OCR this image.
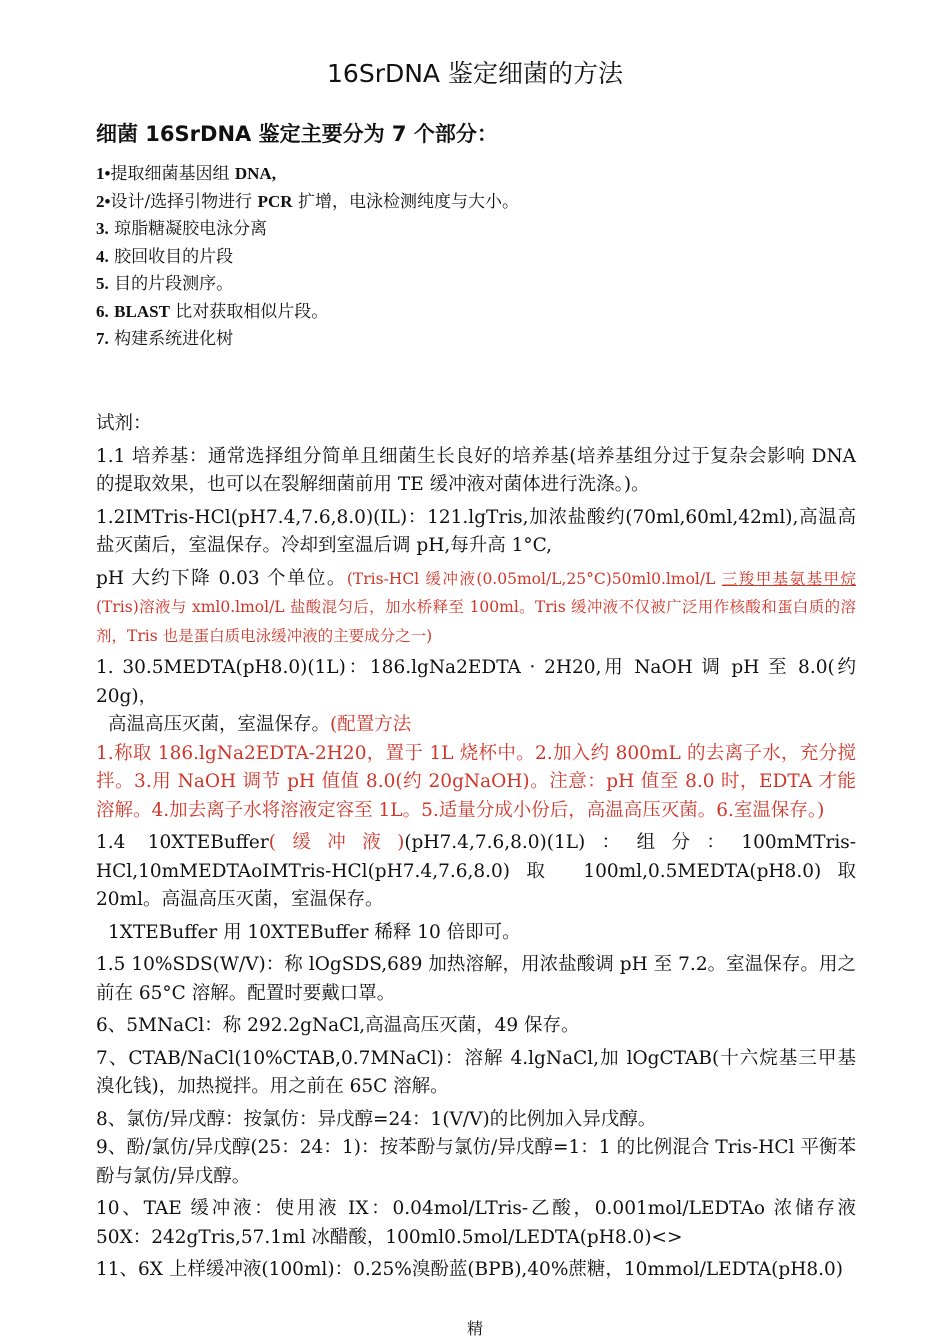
16SrDNA 鉴定细菌的方法
细菌 16SrDNA 鉴定主要分为 7 个部分：
1•提取细菌基因组 DNA,
2•设计/选择引物进行 PCR 扩增，电泳检测纯度与大小。
3. 琼脂糖凝胶电泳分离
4. 胶回收目的片段
5. 目的片段测序。
6. BLAST 比对获取相似片段。
7. 构建系统进化树
试剂：
1.1 培养基：通常选择组分简单且细菌生长良好的培养基(培养基组分过于复杂会影响 DNA 的提取效果，也可以在裂解细菌前用 TE 缓冲液对菌体进行洗涤。)。
1.2IMTris-HCl(pH7.4,7.6,8.0)(IL)：121.lgTris,加浓盐酸约(70ml,60ml,42ml),高温高盐灭菌后，室温保存。冷却到室温后调 pH,每升高 1°C,
pH 大约下降 0.03 个单位。(Tris-HCl 缓冲液(0.05mol/L,25°C)50ml0.lmol/L 三羧甲基氨基甲烷(Tris)溶液与 xml0.lmol/L 盐酸混匀后，加水桥释至 100ml。Tris 缓冲液不仅被广泛用作核酸和蛋白质的溶剂，Tris 也是蛋白质电泳缓冲液的主要成分之一)
1. 30.5MEDTA(pH8.0)(1L)：186.lgNa2EDTA · 2H20,用 NaOH 调 pH 至 8.0(约 20g)，
高温高压灭菌，室温保存。(配置方法
1.称取 186.lgNa2EDTA-2H20，置于 1L 烧杯中。2.加入约 800mL 的去离子水，充分搅拌。3.用 NaOH 调节 pH 值值 8.0(约 20gNaOH)。注意：pH 值至 8.0 时，EDTA 才能溶解。4.加去离子水将溶液定容至 1L。5.适量分成小份后，高温高压灭菌。6.室温保存。)
1.4 10XTEBuffer(缓冲液)(pH7.4,7.6,8.0)(1L)：组分：100mMTris-HCl,10mMEDTAoIMTris-HCl(pH7.4,7.6,8.0)取 100ml,0.5MEDTA(pH8.0)取 20ml。高温高压灭菌，室温保存。
1XTEBuffer 用 10XTEBuffer 稀释 10 倍即可。
1.5 10%SDS(W/V)：称 lOgSDS,689 加热溶解，用浓盐酸调 pH 至 7.2。室温保存。用之前在 65°C 溶解。配置时要戴口罩。
6、5MNaCl：称 292.2gNaCl,高温高压灭菌，49 保存。
7、CTAB/NaCl(10%CTAB,0.7MNaCl)：溶解 4.lgNaCl,加 lOgCTAB(十六烷基三甲基溴化钱)，加热搅拌。用之前在 65C 溶解。
8、氯仿/异戊醇：按氯仿：异戊醇=24：1(V/V)的比例加入异戊醇。
9、酚/氯仿/异戊醇(25：24：1)：按苯酚与氯仿/异戊醇=1：1 的比例混合 Tris-HCl 平衡苯酚与氯仿/异戊醇。
10、TAE 缓冲液：使用液 IX：0.04mol/LTris-乙酸，0.001mol/LEDTAo 浓储存液 50X：242gTris,57.1ml 冰醋酸，100ml0.5mol/LEDTA(pH8.0)<>
11、6X 上样缓冲液(100ml)：0.25%溴酚蓝(BPB),40%蔗糖，10mmol/LEDTA(pH8.0)
精
